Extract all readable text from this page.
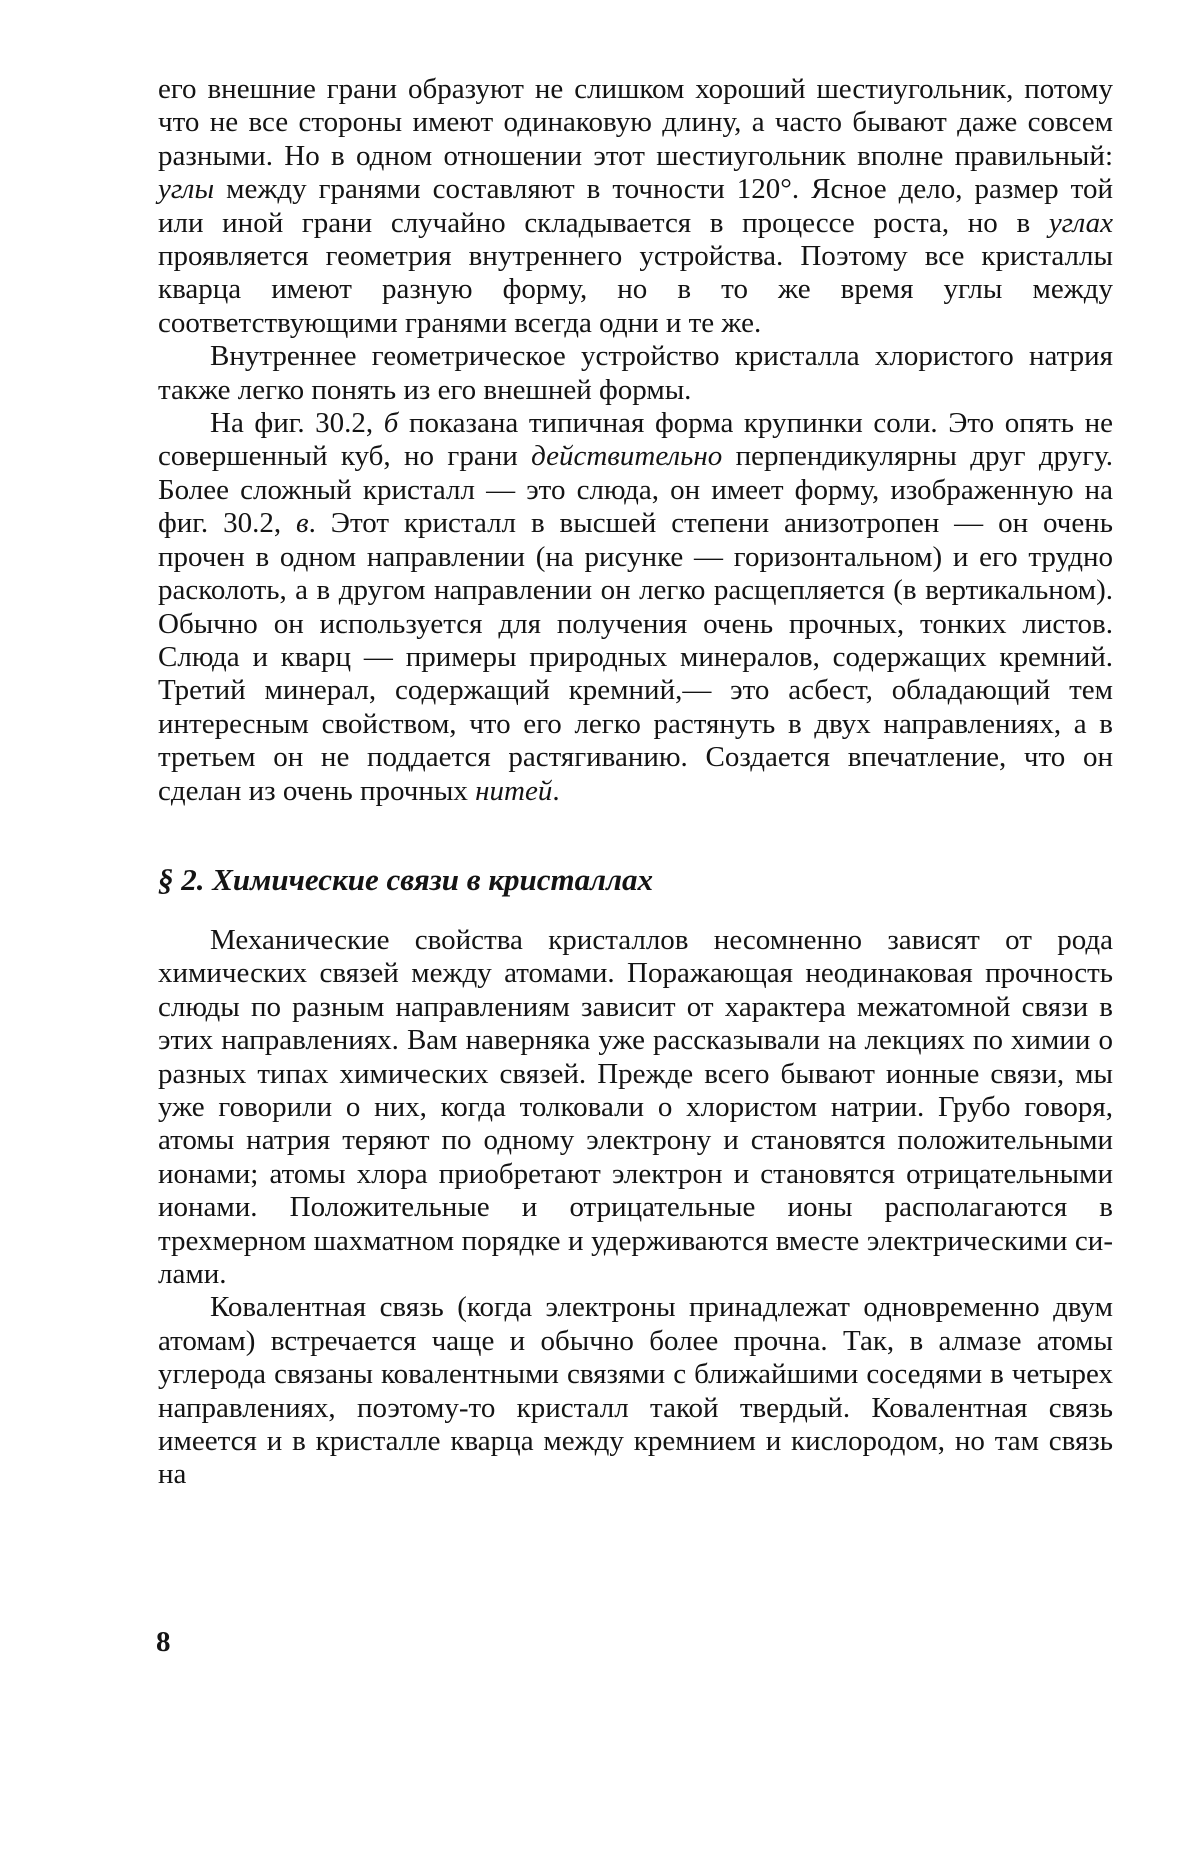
его внешние грани образуют не слишком хороший шестиугольник, потому что не все стороны имеют одинаковую длину, а часто бывают даже совсем разными. Но в одном отношении этот шестиугольник вполне правильный: углы между гранями составляют в точности 120°. Ясное дело, размер той или иной грани случайно складывается в процессе роста, но в углах проявляется геометрия внутреннего устройства. Поэтому все кристаллы кварца имеют разную форму, но в то же время углы между соответствующими гранями всегда одни и те же.

Внутреннее геометрическое устройство кристалла хлористого натрия также легко понять из его внешней формы.

На фиг. 30.2, б показана типичная форма крупинки соли. Это опять не совершенный куб, но грани действительно перпендикулярны друг другу. Более сложный кристалл — это слюда, он имеет форму, изображенную на фиг. 30.2, в. Этот кристалл в высшей степени анизотропен — он очень прочен в одном направлении (на рисунке — горизонтальном) и его трудно расколоть, а в другом направлении он легко расщепляется (в вертикальном). Обычно он используется для получения очень прочных, тонких листов. Слюда и кварц — примеры природных минералов, содержащих кремний. Третий минерал, содержащий кремний,— это асбест, обладающий тем интересным свойством, что его легко растянуть в двух направлениях, а в третьем он не поддается растягиванию. Создается впечатление, что он сделан из очень прочных нитей.

§ 2. Химические связи в кристаллах

Механические свойства кристаллов несомненно зависят от рода химических связей между атомами. Поражающая неодинаковая прочность слюды по разным направлениям зависит от характера межатомной связи в этих направлениях. Вам наверняка уже рассказывали на лекциях по химии о разных типах химических связей. Прежде всего бывают ионные связи, мы уже говорили о них, когда толковали о хлористом натрии. Грубо говоря, атомы натрия теряют по одному электрону и становятся положительными ионами; атомы хлора приобретают электрон и становятся отрицательными ионами. Положительные и отрицательные ионы располагаются в трехмерном шахматном порядке и удерживаются вместе электрическими силами.

Ковалентная связь (когда электроны принадлежат одновременно двум атомам) встречается чаще и обычно более прочна. Так, в алмазе атомы углерода связаны ковалентными связями с ближайшими соседями в четырех направлениях, поэтому-то кристалл такой твердый. Ковалентная связь имеется и в кристалле кварца между кремнием и кислородом, но там связь на

8
